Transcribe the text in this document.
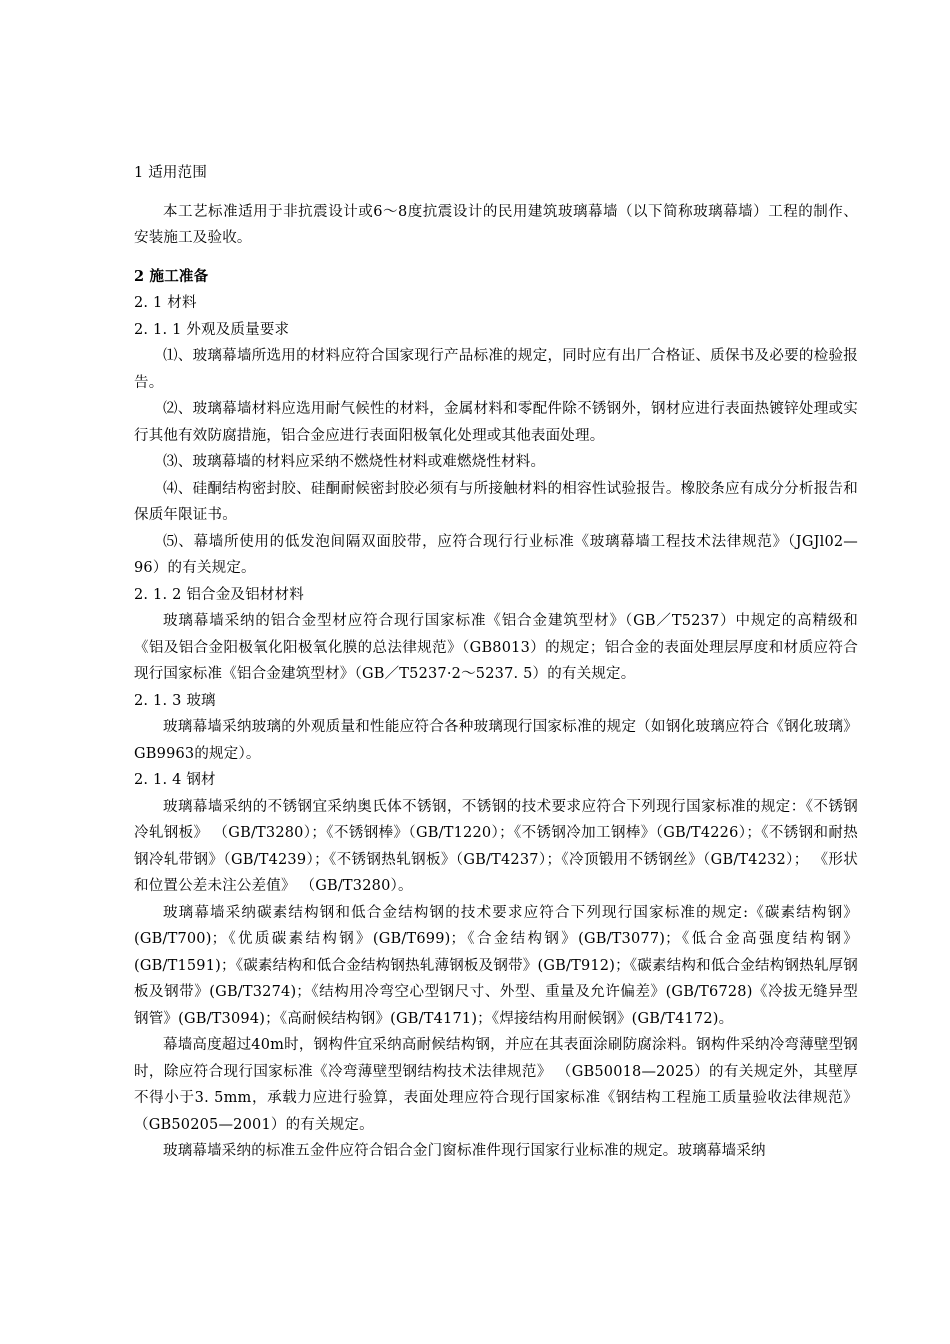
1 适用范围

本工艺标准适用于非抗震设计或6～8度抗震设计的民用建筑玻璃幕墙（以下简称玻璃幕墙）工程的制作、安装施工及验收。

2 施工准备

2. 1 材料

2. 1. 1 外观及质量要求

⑴、玻璃幕墙所选用的材料应符合国家现行产品标准的规定，同时应有出厂合格证、质保书及必要的检验报告。

⑵、玻璃幕墙材料应选用耐气候性的材料，金属材料和零配件除不锈钢外，钢材应进行表面热镀锌处理或实行其他有效防腐措施，铝合金应进行表面阳极氧化处理或其他表面处理。

⑶、玻璃幕墙的材料应采纳不燃烧性材料或难燃烧性材料。

⑷、硅酮结构密封胶、硅酮耐候密封胶必须有与所接触材料的相容性试验报告。橡胶条应有成分分析报告和保质年限证书。

⑸、幕墙所使用的低发泡间隔双面胶带，应符合现行行业标准《玻璃幕墙工程技术法律规范》（JGJl02—96）的有关规定。

2. 1. 2 铝合金及铝材材料

玻璃幕墙采纳的铝合金型材应符合现行国家标准《铝合金建筑型材》（GB／T5237）中规定的高精级和《铝及铝合金阳极氧化阳极氧化膜的总法律规范》（GB8013）的规定；铝合金的表面处理层厚度和材质应符合现行国家标准《铝合金建筑型材》（GB／T5237·2～5237. 5）的有关规定。

2. 1. 3 玻璃

玻璃幕墙采纳玻璃的外观质量和性能应符合各种玻璃现行国家标准的规定（如钢化玻璃应符合《钢化玻璃》GB9963的规定）。

2. 1. 4 钢材

玻璃幕墙采纳的不锈钢宜采纳奥氏体不锈钢，不锈钢的技术要求应符合下列现行国家标准的规定：《不锈钢冷轧钢板》 （GB/T3280）；《不锈钢棒》（GB/T1220）；《不锈钢冷加工钢棒》（GB/T4226）；《不锈钢和耐热钢冷轧带钢》（GB/T4239）；《不锈钢热轧钢板》（GB/T4237）；《冷顶锻用不锈钢丝》（GB/T4232）； 《形状和位置公差未注公差值》 （GB/T3280）。

玻璃幕墙采纳碳素结构钢和低合金结构钢的技术要求应符合下列现行国家标准的规定:《碳素结构钢》(GB/T700)；《优质碳素结构钢》(GB/T699)；《合金结构钢》(GB/T3077)；《低合金高强度结构钢》(GB/T1591)；《碳素结构和低合金结构钢热轧薄钢板及钢带》(GB/T912)；《碳素结构和低合金结构钢热轧厚钢板及钢带》(GB/T3274)；《结构用冷弯空心型钢尺寸、外型、重量及允许偏差》(GB/T6728)《冷拔无缝异型钢管》(GB/T3094)；《高耐候结构钢》(GB/T4171)；《焊接结构用耐候钢》(GB/T4172)。

幕墙高度超过40m时，钢构件宜采纳高耐候结构钢，并应在其表面涂刷防腐涂料。钢构件采纳冷弯薄壁型钢时，除应符合现行国家标准《冷弯薄壁型钢结构技术法律规范》 （GB50018—2025）的有关规定外，其壁厚不得小于3. 5mm，承载力应进行验算，表面处理应符合现行国家标准《钢结构工程施工质量验收法律规范》（GB50205—2001）的有关规定。

玻璃幕墙采纳的标准五金件应符合铝合金门窗标准件现行国家行业标准的规定。玻璃幕墙采纳
